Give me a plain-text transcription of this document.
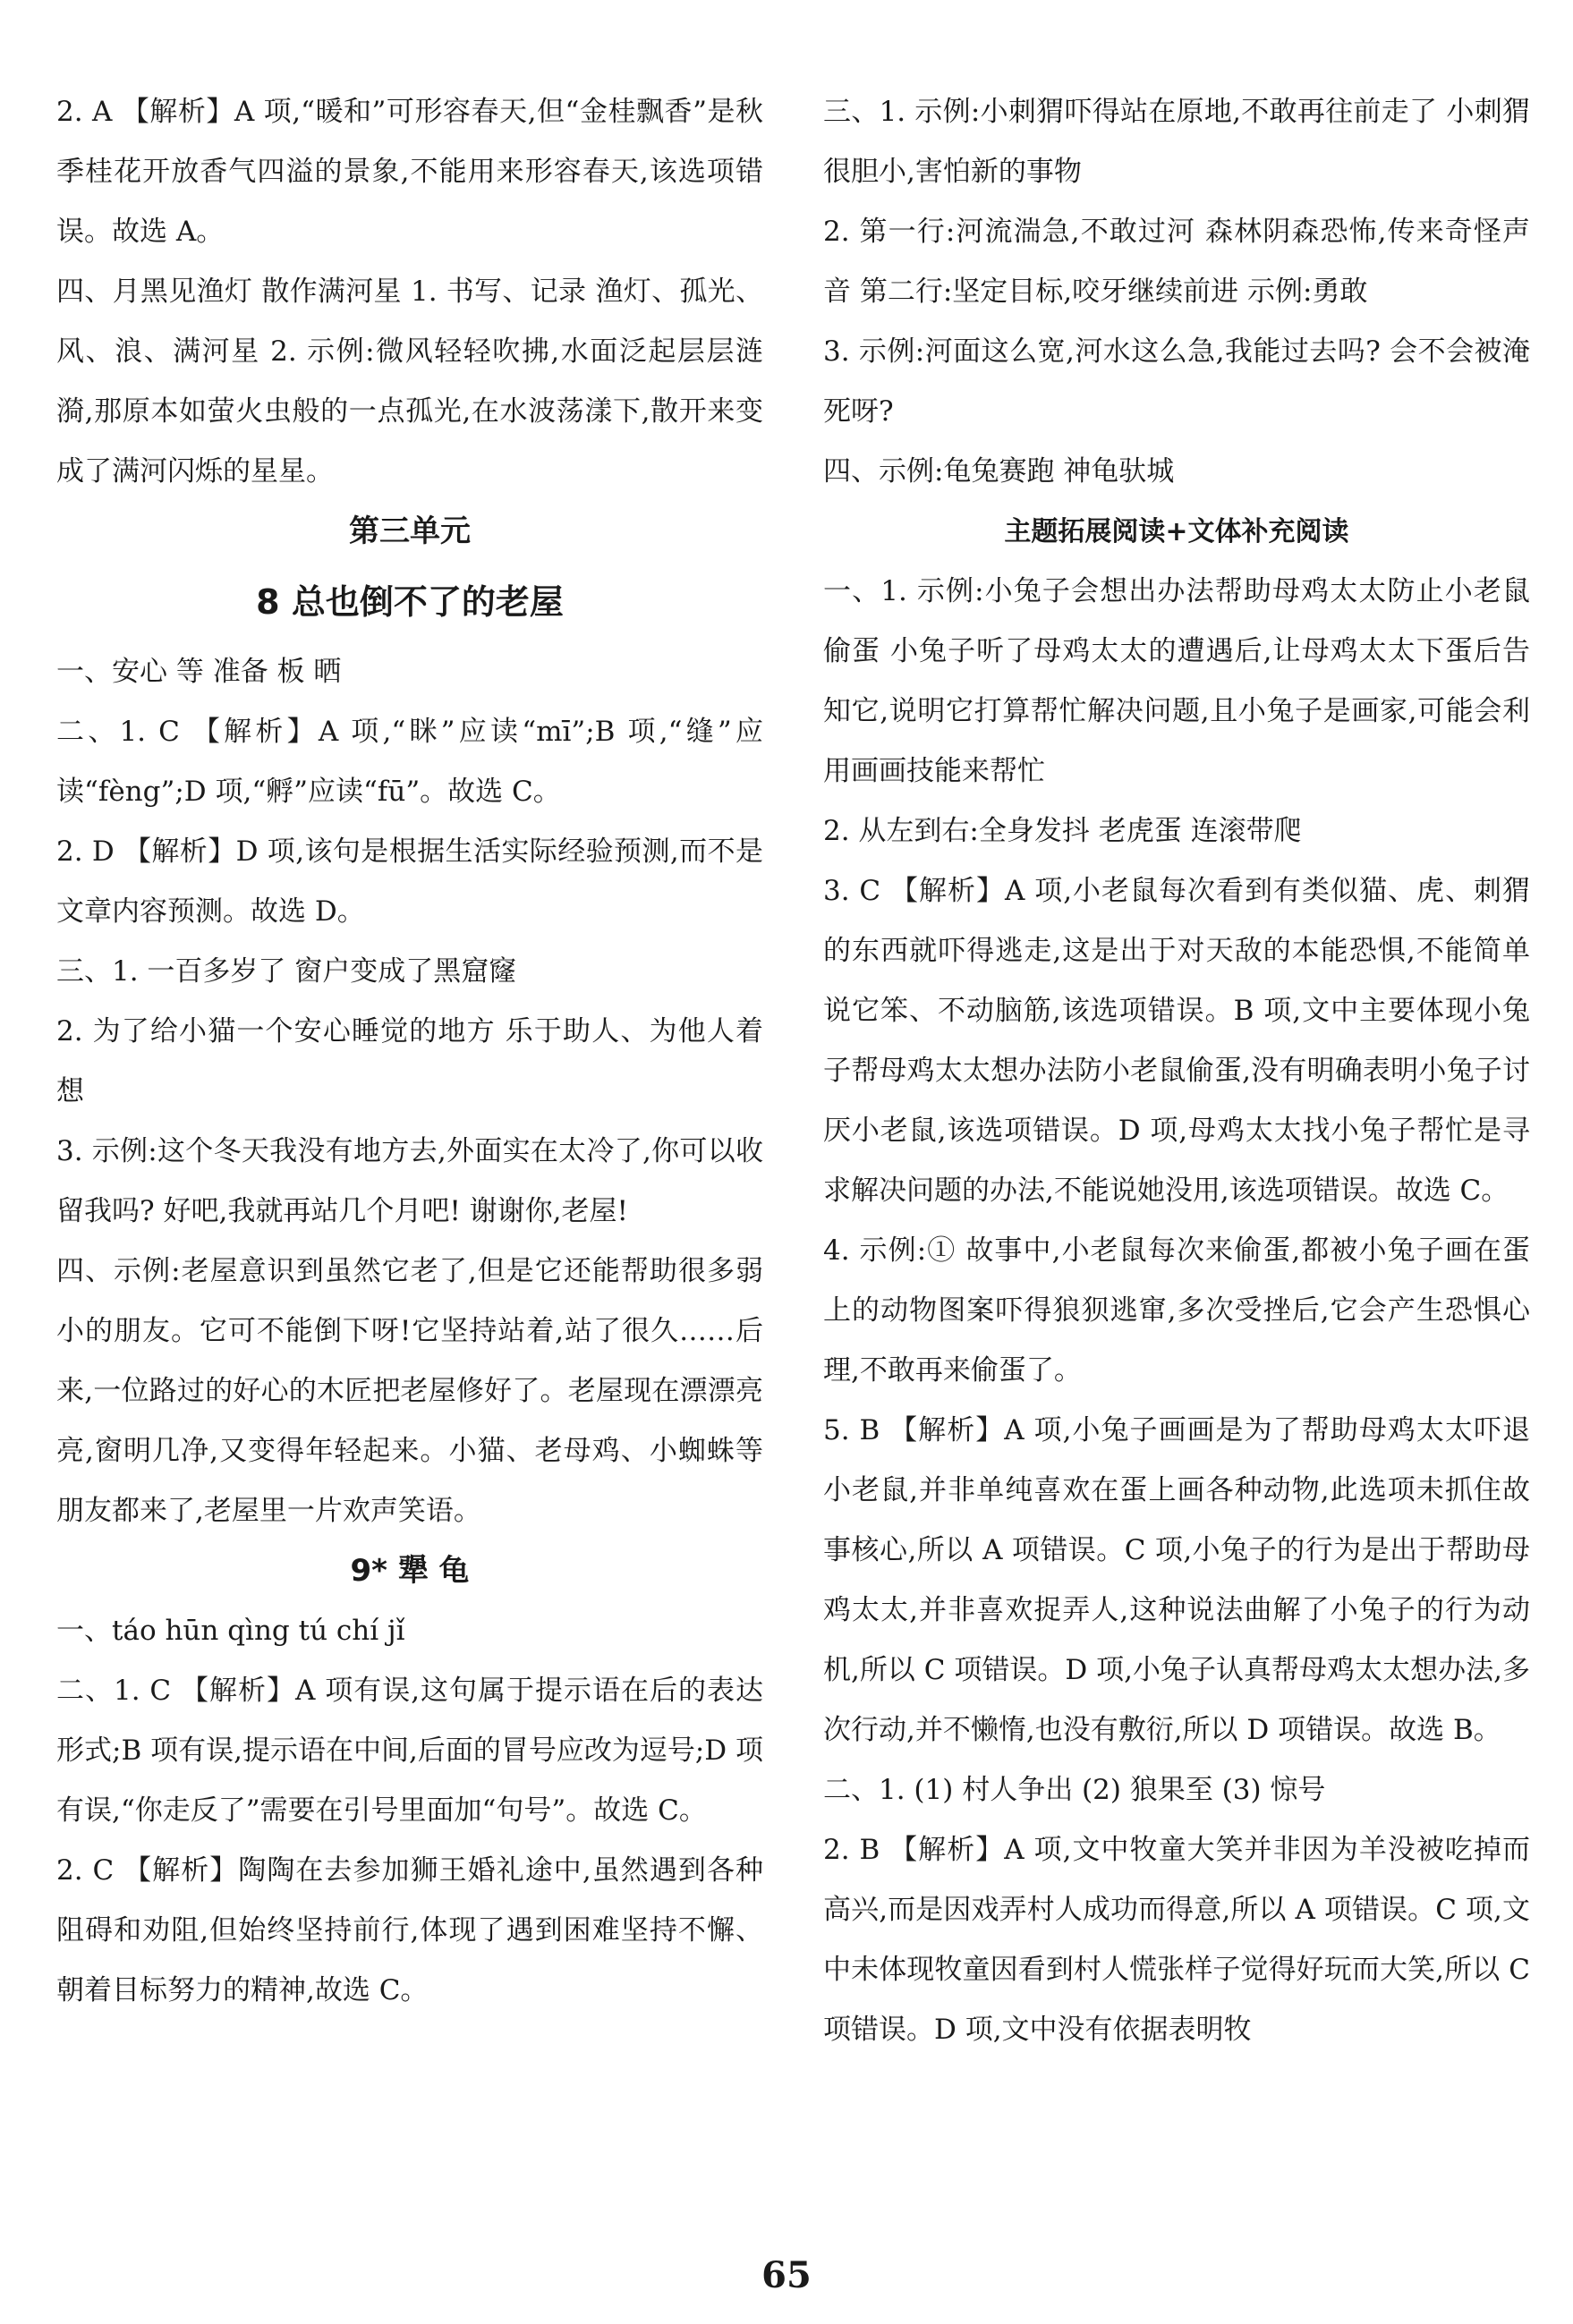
2. A 【解析】A 项,“暖和”可形容春天,但“金桂飘香”是秋季桂花开放香气四溢的景象,不能用来形容春天,该选项错误。故选 A。

四、月黑见渔灯 散作满河星 1. 书写、记录 渔灯、孤光、风、浪、满河星 2. 示例:微风轻轻吹拂,水面泛起层层涟漪,那原本如萤火虫般的一点孤光,在水波荡漾下,散开来变成了满河闪烁的星星。

第三单元
8 总也倒不了的老屋

一、安心 等 准备 板 晒

二、1. C 【解析】A 项,“眯”应读“mī”;B 项,“缝”应读“fèng”;D 项,“孵”应读“fū”。故选 C。

2. D 【解析】D 项,该句是根据生活实际经验预测,而不是文章内容预测。故选 D。

三、1. 一百多岁了 窗户变成了黑窟窿

2. 为了给小猫一个安心睡觉的地方 乐于助人、为他人着想

3. 示例:这个冬天我没有地方去,外面实在太冷了,你可以收留我吗? 好吧,我就再站几个月吧! 谢谢你,老屋!

四、示例:老屋意识到虽然它老了,但是它还能帮助很多弱小的朋友。它可不能倒下呀!它坚持站着,站了很久……后来,一位路过的好心的木匠把老屋修好了。老屋现在漂漂亮亮,窗明几净,又变得年轻起来。小猫、老母鸡、小蜘蛛等朋友都来了,老屋里一片欢声笑语。

9* 犟 龟

一、táo hūn qìng tú chí jǐ

二、1. C 【解析】A 项有误,这句属于提示语在后的表达形式;B 项有误,提示语在中间,后面的冒号应改为逗号;D 项有误,“你走反了”需要在引号里面加“句号”。故选 C。

2. C 【解析】陶陶在去参加狮王婚礼途中,虽然遇到各种阻碍和劝阻,但始终坚持前行,体现了遇到困难坚持不懈、朝着目标努力的精神,故选 C。

三、1. 示例:小刺猬吓得站在原地,不敢再往前走了 小刺猬很胆小,害怕新的事物

2. 第一行:河流湍急,不敢过河 森林阴森恐怖,传来奇怪声音 第二行:坚定目标,咬牙继续前进 示例:勇敢

3. 示例:河面这么宽,河水这么急,我能过去吗? 会不会被淹死呀?

四、示例:龟兔赛跑 神龟驮城

主题拓展阅读+文体补充阅读

一、1. 示例:小兔子会想出办法帮助母鸡太太防止小老鼠偷蛋 小兔子听了母鸡太太的遭遇后,让母鸡太太下蛋后告知它,说明它打算帮忙解决问题,且小兔子是画家,可能会利用画画技能来帮忙

2. 从左到右:全身发抖 老虎蛋 连滚带爬

3. C 【解析】A 项,小老鼠每次看到有类似猫、虎、刺猬的东西就吓得逃走,这是出于对天敌的本能恐惧,不能简单说它笨、不动脑筋,该选项错误。B 项,文中主要体现小兔子帮母鸡太太想办法防小老鼠偷蛋,没有明确表明小兔子讨厌小老鼠,该选项错误。D 项,母鸡太太找小兔子帮忙是寻求解决问题的办法,不能说她没用,该选项错误。故选 C。

4. 示例:① 故事中,小老鼠每次来偷蛋,都被小兔子画在蛋上的动物图案吓得狼狈逃窜,多次受挫后,它会产生恐惧心理,不敢再来偷蛋了。

5. B 【解析】A 项,小兔子画画是为了帮助母鸡太太吓退小老鼠,并非单纯喜欢在蛋上画各种动物,此选项未抓住故事核心,所以 A 项错误。C 项,小兔子的行为是出于帮助母鸡太太,并非喜欢捉弄人,这种说法曲解了小兔子的行为动机,所以 C 项错误。D 项,小兔子认真帮母鸡太太想办法,多次行动,并不懒惰,也没有敷衍,所以 D 项错误。故选 B。

二、1. (1) 村人争出 (2) 狼果至 (3) 惊号

2. B 【解析】A 项,文中牧童大笑并非因为羊没被吃掉而高兴,而是因戏弄村人成功而得意,所以 A 项错误。C 项,文中未体现牧童因看到村人慌张样子觉得好玩而大笑,所以 C 项错误。D 项,文中没有依据表明牧

65
